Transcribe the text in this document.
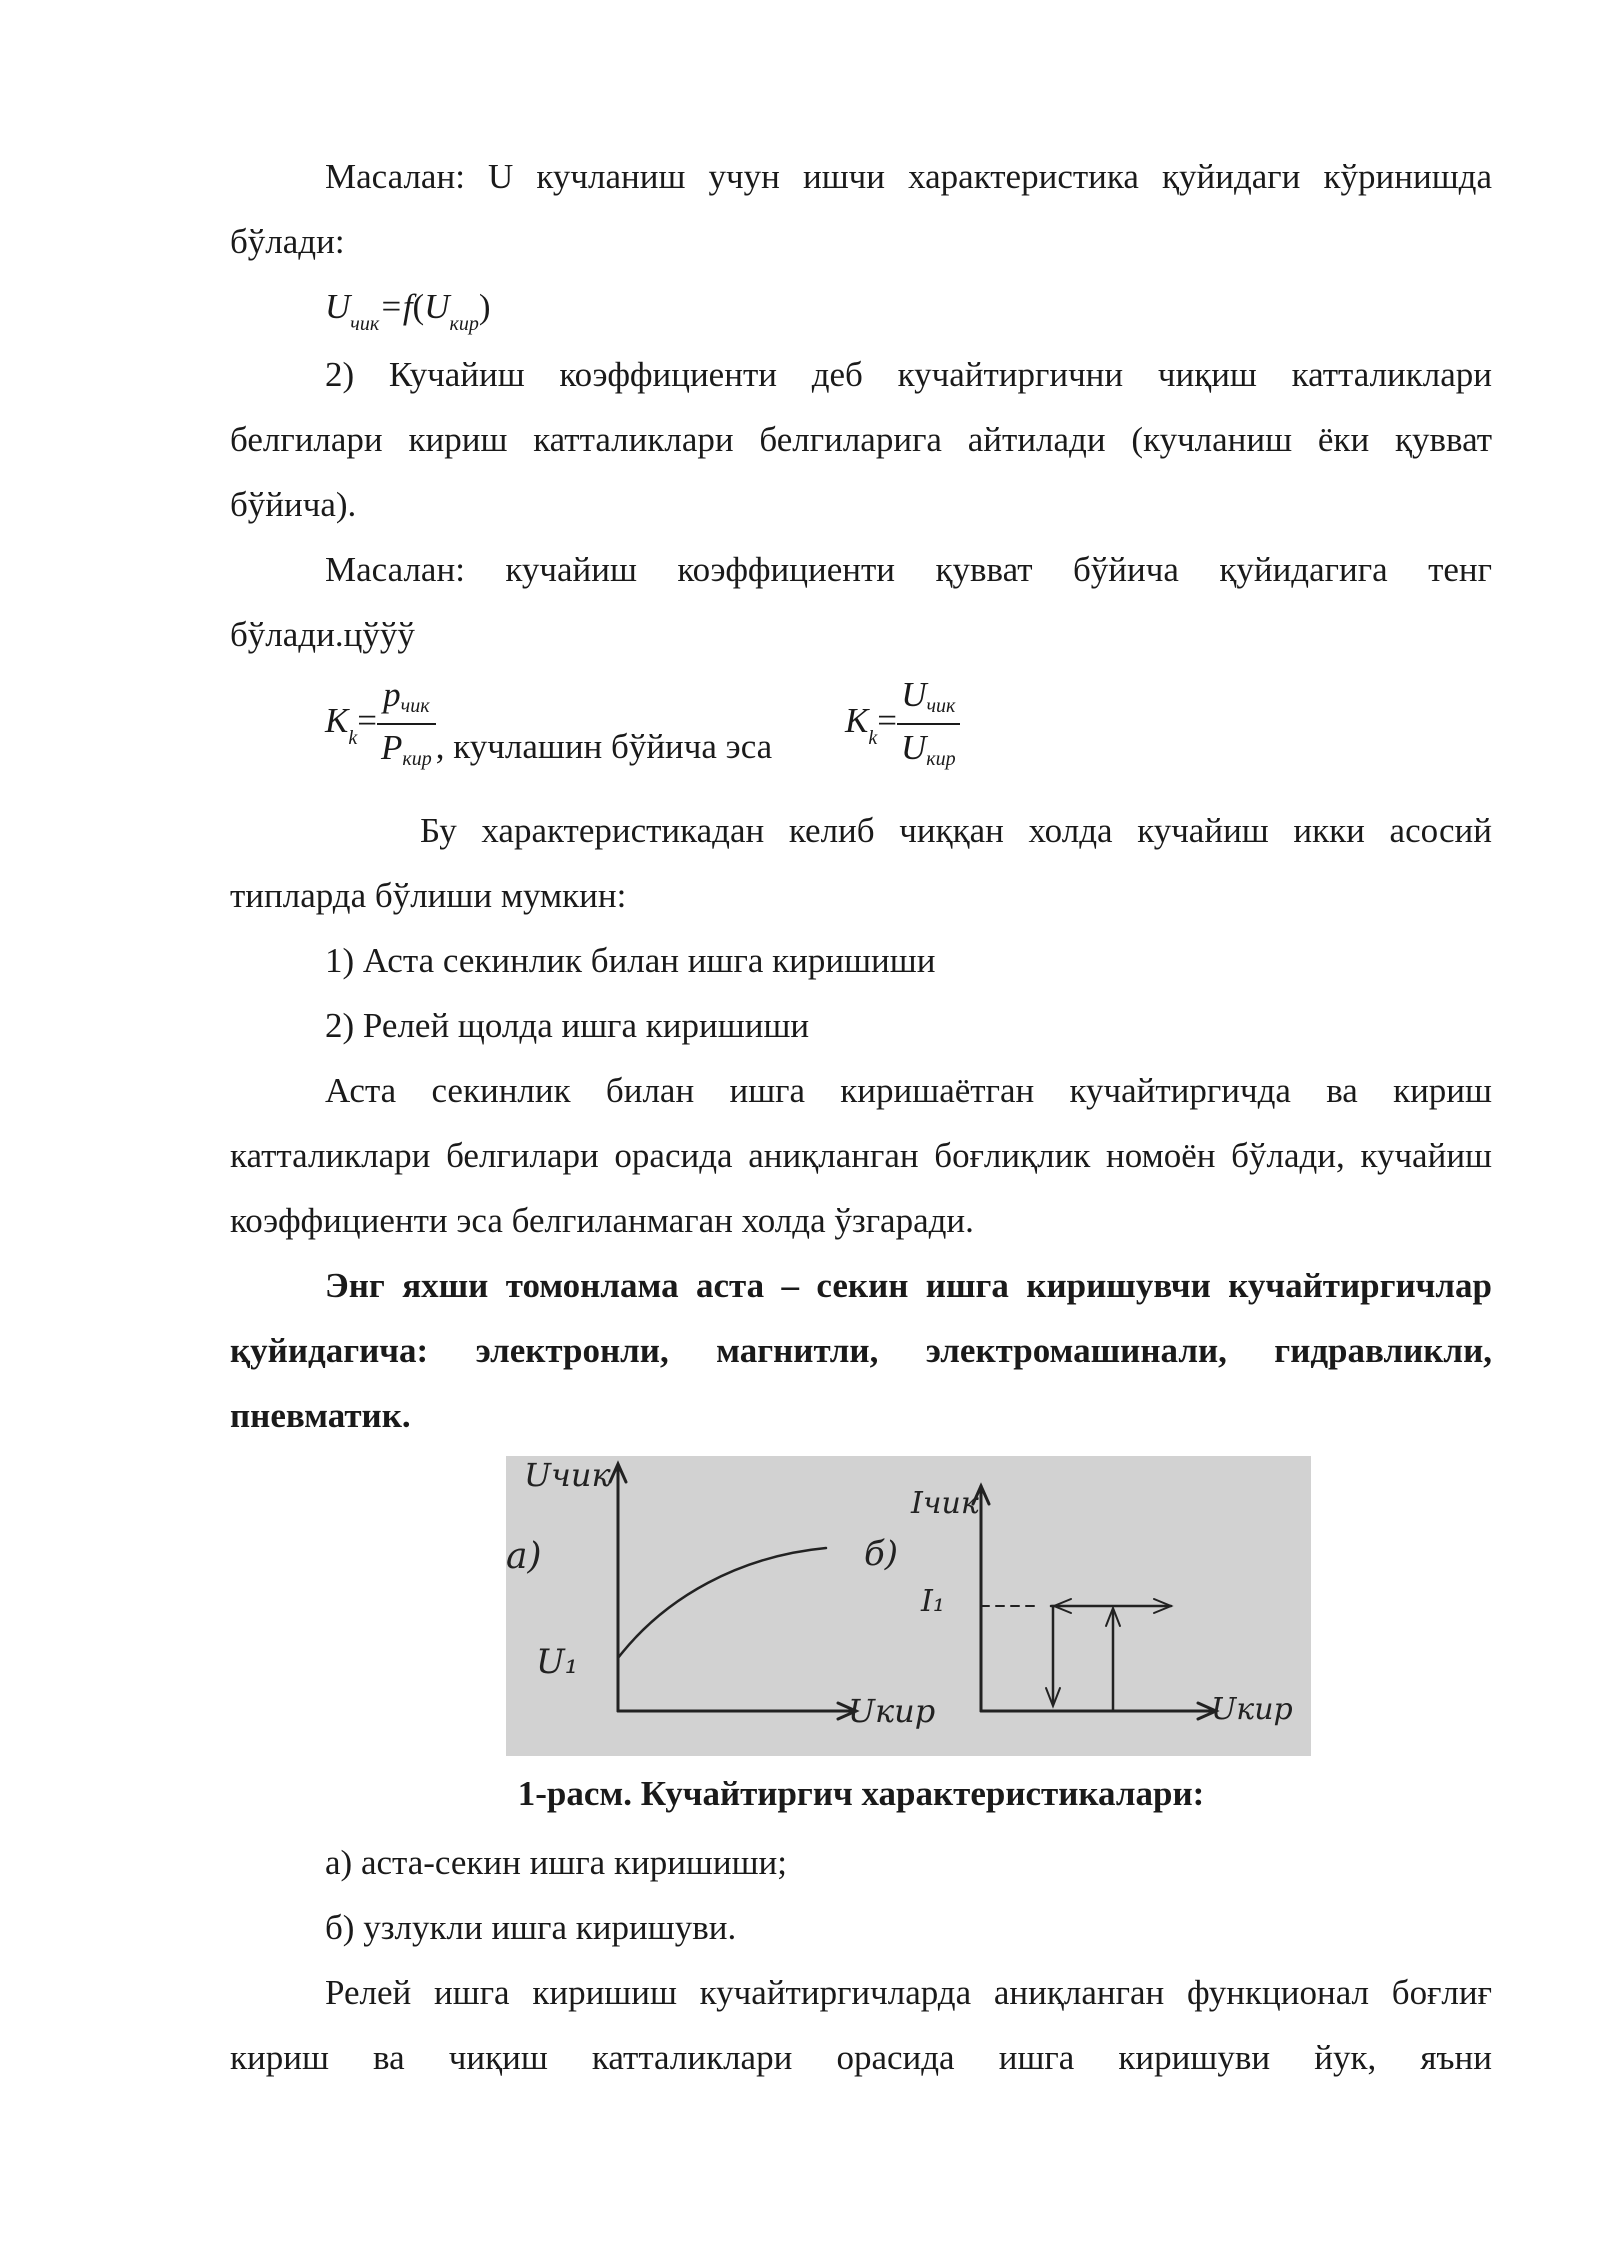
Масалан: U кучланиш учун ишчи характеристика қуйидаги кўринишда бўлади:

$U_{чик}=f(U_{кир})$

2) Кучайиш коэффициенти деб кучайтиргични чиқиш катталиклари белгилари кириш катталиклари белгиларига айтилади (кучланиш ёки қувват бўйича).

Масалан: кучайиш коэффициенти қувват бўйича қуйидагига тенг бўлади.цўўў

$K_k= \frac{\text{pчик}}{\text{Pкир}}$ , кучлашин бўйича эса
$K_k= \frac{\text{Uчик}}{\text{Uкир}}$

Бу характеристикадан келиб чиққан холда кучайиш икки асосий типларда бўлиши мумкин:

1) Аста секинлик билан ишга киришиши
2) Релей щолда ишга киришиши

Аста секинлик билан ишга киришаётган кучайтиргичда ва кириш катталиклари белгилари орасида аниқланган боғлиқлик номоён бўлади, кучайиш коэффициенти эса белгиланмаган холда ўзгаради.

Энг яхши томонлама аста – секин ишга киришувчи кучайтиргичлар қуйидагича: электронли, магнитли, электромашинали, гидравликли, пневматик.

Uчик
а)
U₁
Uкир
б)
Iчик
I₁
Uкир
1-расм. Кучайтиргич характеристикалари:
а) аста-секин ишга киришиши;
б) узлукли ишга киришуви.

Релей ишга киришиш кучайтиргичларда аниқланган функционал боғлиғ кириш ва чиқиш катталиклари орасида ишга киришуви йук, яъни
